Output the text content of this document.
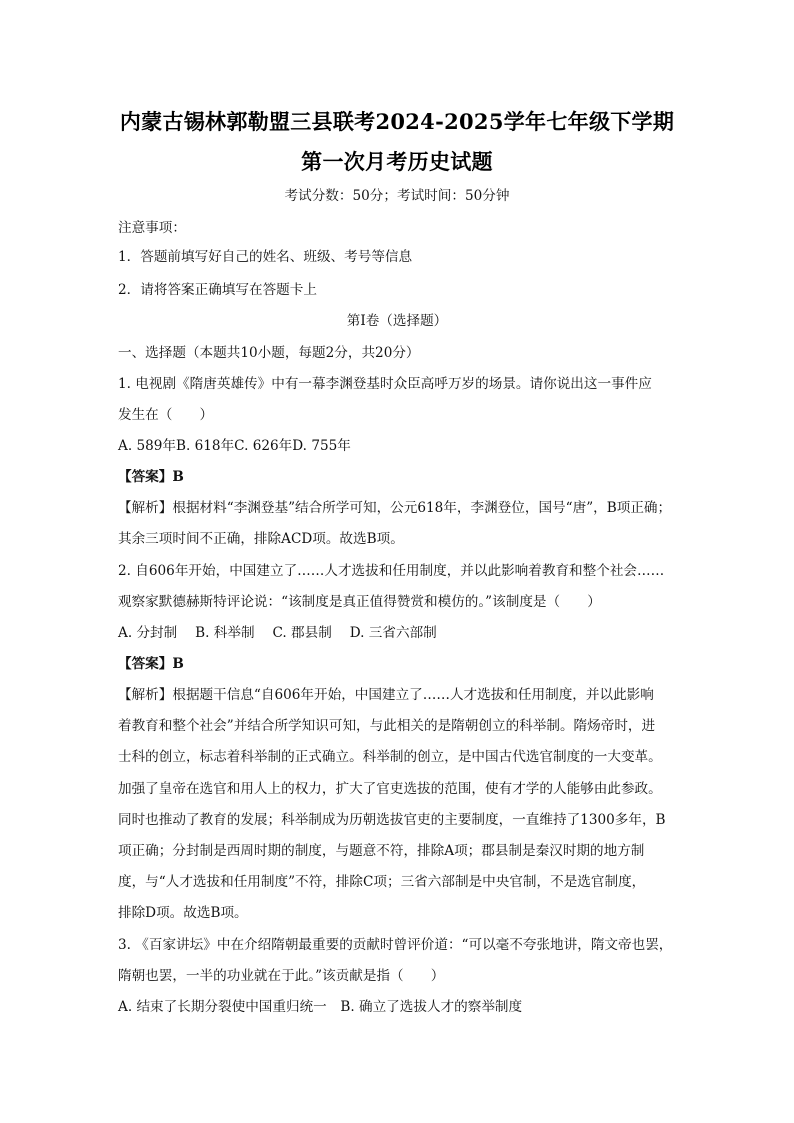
内蒙古锡林郭勒盟三县联考2024-2025学年七年级下学期
第一次月考历史试题
考试分数：50分；考试时间：50分钟
注意事项：
1．答题前填写好自己的姓名、班级、考号等信息
2．请将答案正确填写在答题卡上
第I卷（选择题）
一、选择题（本题共10小题，每题2分，共20分）
1. 电视剧《隋唐英雄传》中有一幕李渊登基时众臣高呼万岁的场景。请你说出这一事件应
发生在（　　）
A. 589年B. 618年C. 626年D. 755年
【答案】B
【解析】根据材料“李渊登基”结合所学可知，公元618年，李渊登位，国号“唐”，B项正确；
其余三项时间不正确，排除ACD项。故选B项。
2. 自606年开始，中国建立了……人才选拔和任用制度，并以此影响着教育和整个社会……
观察家默德赫斯特评论说：“该制度是真正值得赞赏和模仿的。”该制度是（　　）
A. 分封制　 B. 科举制　 C. 郡县制　 D. 三省六部制
【答案】B
【解析】根据题干信息“自606年开始，中国建立了……人才选拔和任用制度，并以此影响
着教育和整个社会”并结合所学知识可知，与此相关的是隋朝创立的科举制。隋炀帝时，进
士科的创立，标志着科举制的正式确立。科举制的创立，是中国古代选官制度的一大变革。
加强了皇帝在选官和用人上的权力，扩大了官吏选拔的范围，使有才学的人能够由此参政。
同时也推动了教育的发展；科举制成为历朝选拔官吏的主要制度，一直维持了1300多年，B
项正确；分封制是西周时期的制度，与题意不符，排除A项；郡县制是秦汉时期的地方制
度，与“人才选拔和任用制度”不符，排除C项；三省六部制是中央官制，不是选官制度，
排除D项。故选B项。
3. 《百家讲坛》中在介绍隋朝最重要的贡献时曾评价道：“可以毫不夸张地讲，隋文帝也罢，
隋朝也罢，一半的功业就在于此。”该贡献是指（　　）
A. 结束了长期分裂使中国重归统一　B. 确立了选拔人才的察举制度
